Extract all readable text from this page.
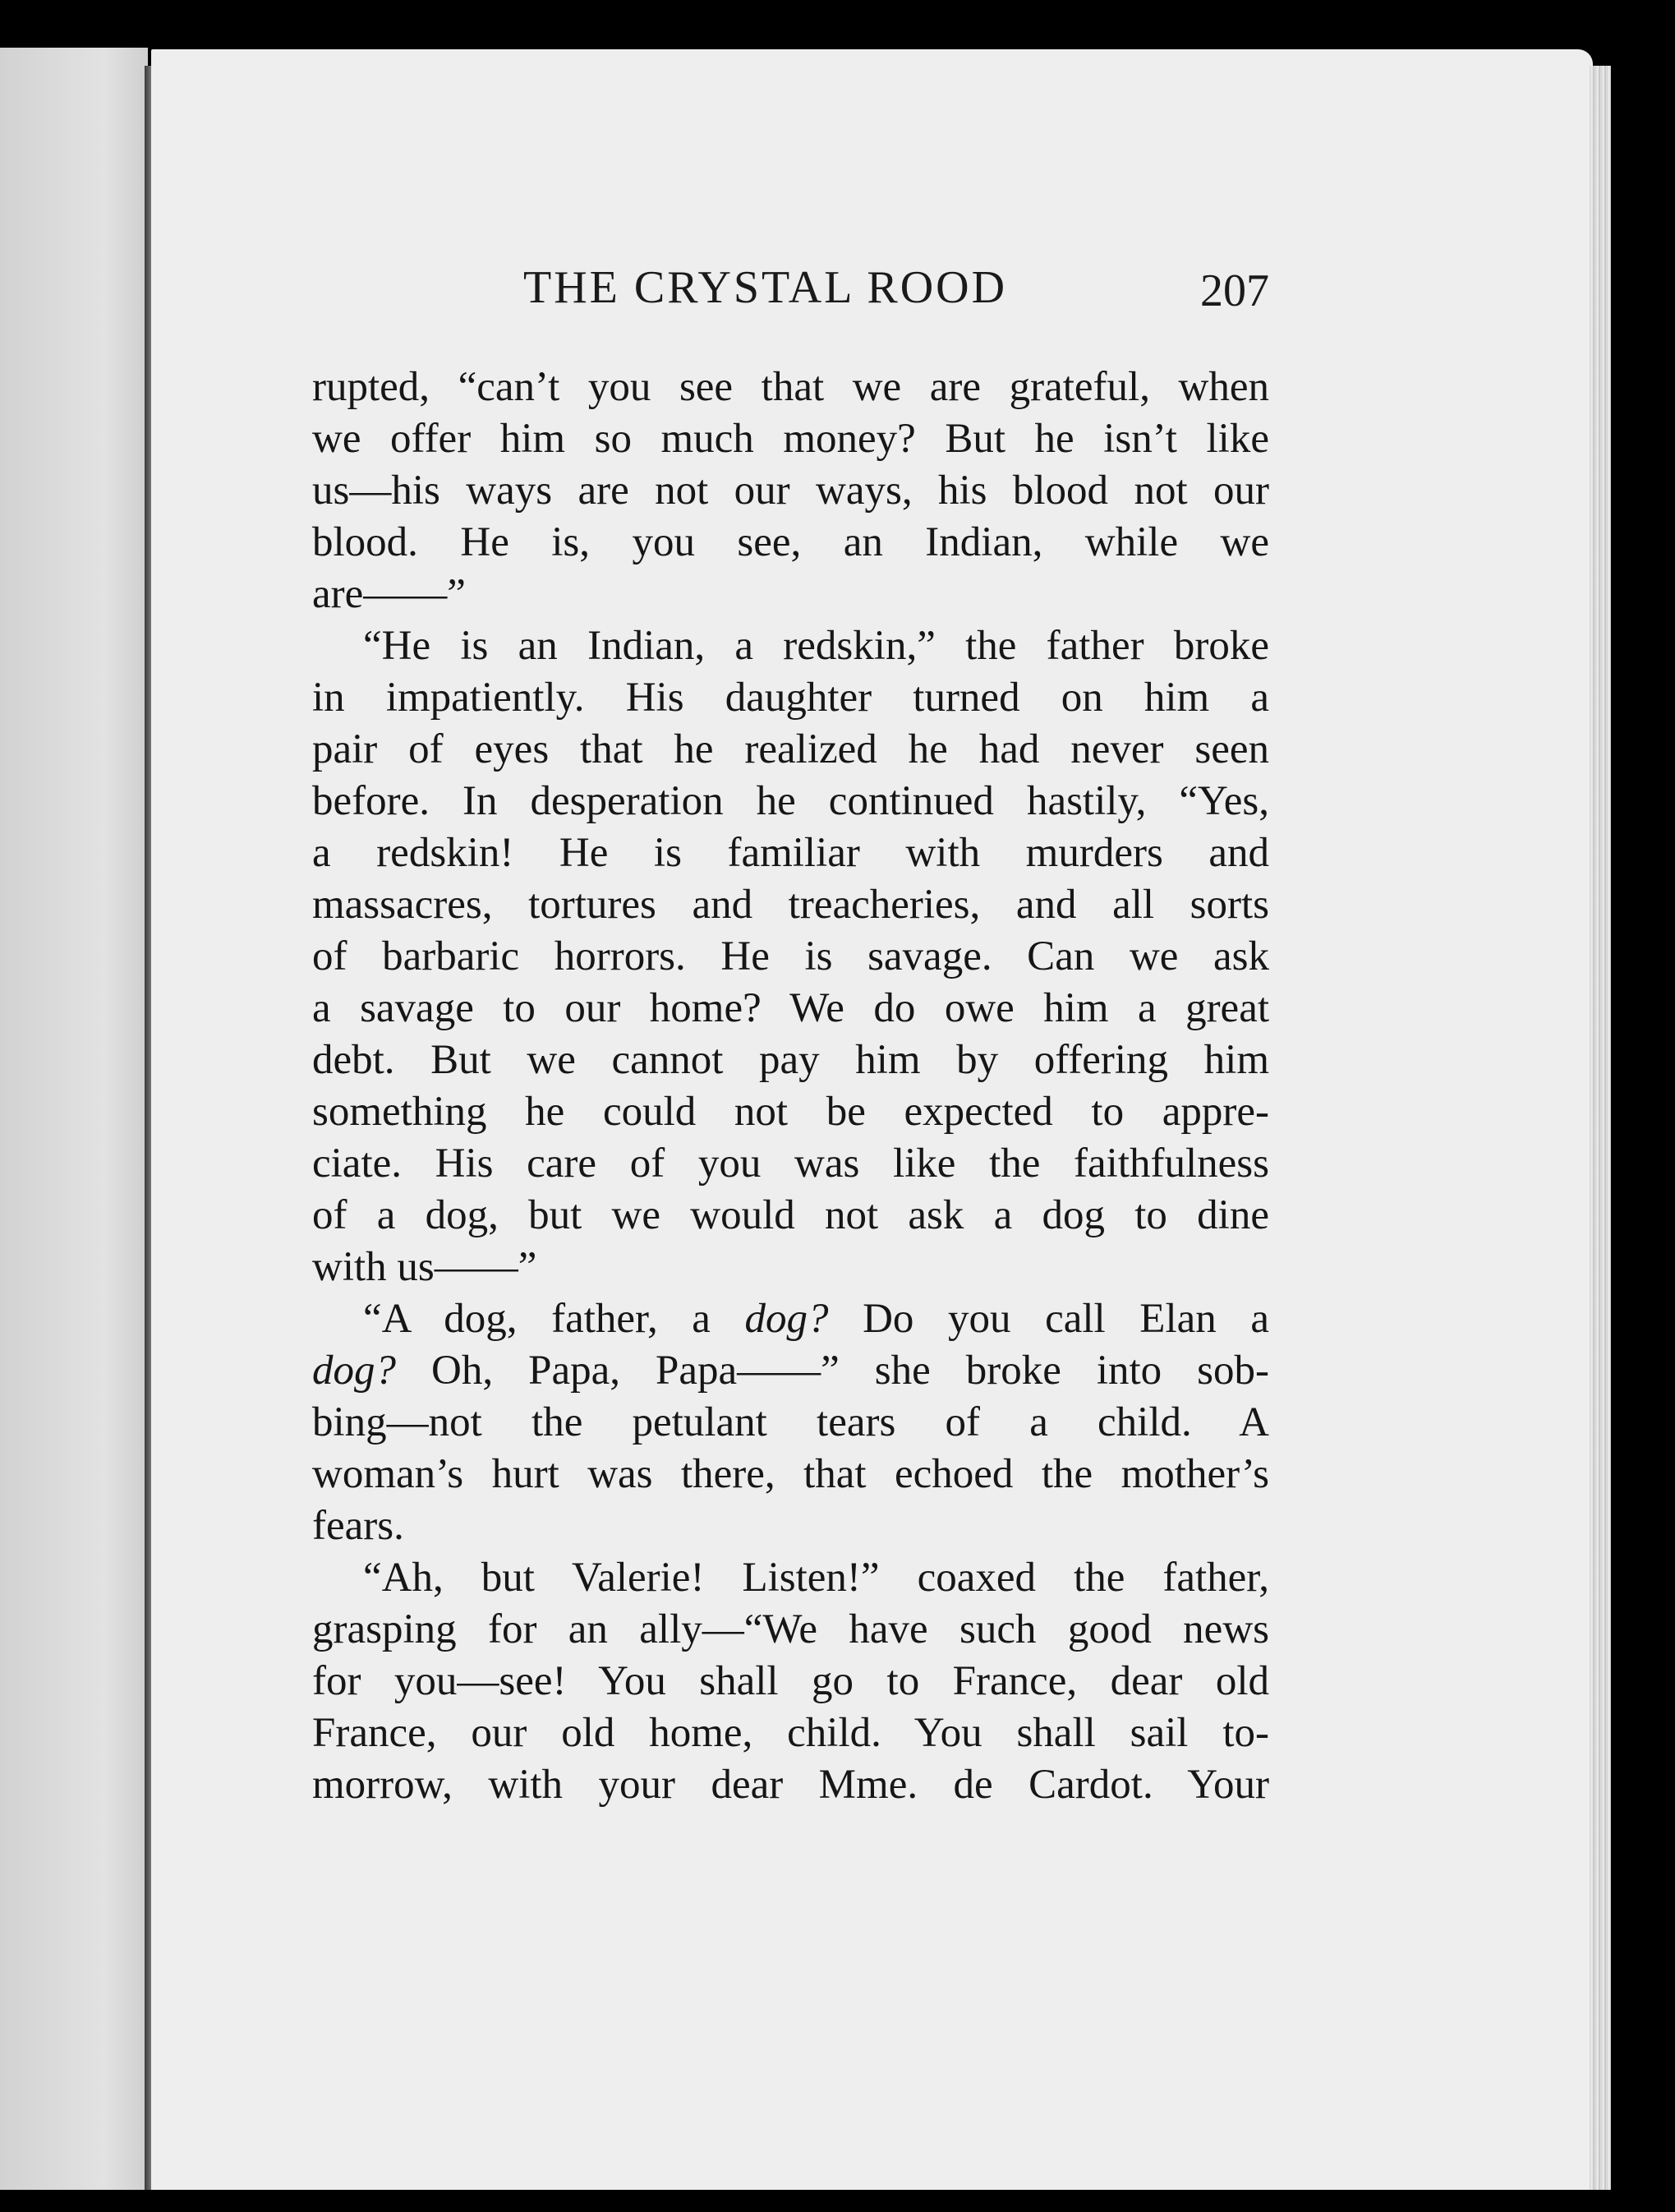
THE CRYSTAL ROOD	207
rupted, “can’t you see that we are grateful, when
we offer him so much money? But he isn’t like
us—his ways are not our ways, his blood not our
blood. He is, you see, an Indian, while we
are——”
“He is an Indian, a redskin,” the father broke
in impatiently. His daughter turned on him a
pair of eyes that he realized he had never seen
before. In desperation he continued hastily, “Yes,
a redskin! He is familiar with murders and
massacres, tortures and treacheries, and all sorts
of barbaric horrors. He is savage. Can we ask
a savage to our home? We do owe him a great
debt. But we cannot pay him by offering him
something he could not be expected to appre-
ciate. His care of you was like the faithfulness
of a dog, but we would not ask a dog to dine
with us——”
“A dog, father, a dog? Do you call Elan a
dog? Oh, Papa, Papa——” she broke into sob-
bing—not the petulant tears of a child. A
woman’s hurt was there, that echoed the mother’s
fears.
“Ah, but Valerie! Listen!” coaxed the father,
grasping for an ally—“We have such good news
for you—see! You shall go to France, dear old
France, our old home, child. You shall sail to-
morrow, with your dear Mme. de Cardot. Your
